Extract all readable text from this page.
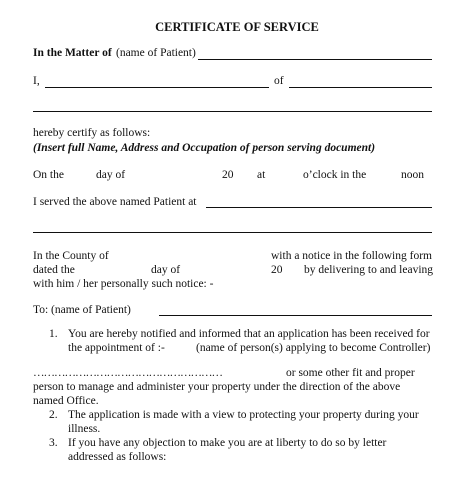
CERTIFICATE OF SERVICE
In the Matter of (name of Patient)
I,	of
hereby certify as follows:
(Insert full Name, Address and Occupation of person serving document)
On the	day of	20 at	o’clock in the	noon
I served the above named Patient at
In the County of	with a notice in the following form
dated the	day of	20 by delivering to and leaving
with him / her personally such notice: -
To: (name of Patient)
1. You are hereby notified and informed that an application has been received for
the appointment of :-	(name of person(s) applying to become Controller)
………………………………………………	or some other fit and proper
person to manage and administer your property under the direction of the above
named Office.
2. The application is made with a view to protecting your property during your
illness.
3. If you have any objection to make you are at liberty to do so by letter
addressed as follows:
